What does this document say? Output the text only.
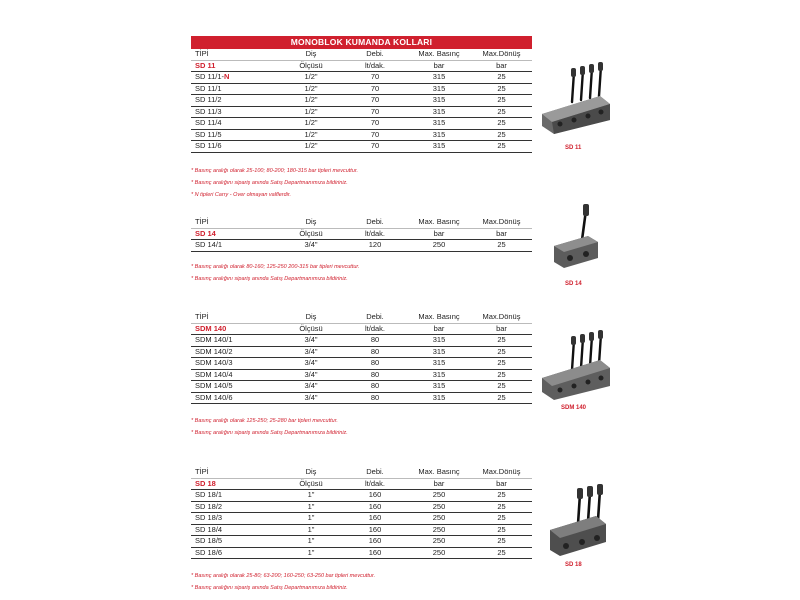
MONOBLOK KUMANDA KOLLARI
TİPİ	Diş	Debi.	Max. Basınç	Max.Dönüş
SD 11	Ölçüsü	lt/dak.	bar	bar
SD 11/1-N	1/2"	70	315	25
SD 11/1	1/2"	70	315	25
SD 11/2	1/2"	70	315	25
SD 11/3	1/2"	70	315	25
SD 11/4	1/2"	70	315	25
SD 11/5	1/2"	70	315	25
SD 11/6	1/2"	70	315	25
* Basınç aralığı olarak 25-100; 80-200; 180-315 bar tipleri mevcuttur.
* Basınç aralığını sipariş anında Satış Departmanımıza bildiriniz.
* N tipleri Carry - Over olmayan valflerdir.
SD 11
TİPİ	Diş	Debi.	Max. Basınç	Max.Dönüş
SD 14	Ölçüsü	lt/dak.	bar	bar
SD 14/1	3/4"	120	250	25
* Basınç aralığı olarak 80-160; 125-250 200-315 bar tipleri mevcuttur.
* Basınç aralığını sipariş anında Satış Departmanımıza bildiriniz.
SD 14
TİPİ	Diş	Debi.	Max. Basınç	Max.Dönüş
SDM 140	Ölçüsü	lt/dak.	bar	bar
SDM 140/1	3/4"	80	315	25
SDM 140/2	3/4"	80	315	25
SDM 140/3	3/4"	80	315	25
SDM 140/4	3/4"	80	315	25
SDM 140/5	3/4"	80	315	25
SDM 140/6	3/4"	80	315	25
* Basınç aralığı olarak 125-250; 25-280 bar tipleri mevcuttur.
* Basınç aralığını sipariş anında Satış Departmanımıza bildiriniz.
SDM 140
TİPİ	Diş	Debi.	Max. Basınç	Max.Dönüş
SD 18	Ölçüsü	lt/dak.	bar	bar
SD 18/1	1"	160	250	25
SD 18/2	1"	160	250	25
SD 18/3	1"	160	250	25
SD 18/4	1"	160	250	25
SD 18/5	1"	160	250	25
SD 18/6	1"	160	250	25
* Basınç aralığı olarak 25-80; 63-200; 160-250; 63-250 bar tipleri mevcuttur.
* Basınç aralığını sipariş anında Satış Departmanımıza bildiriniz.
SD 18
